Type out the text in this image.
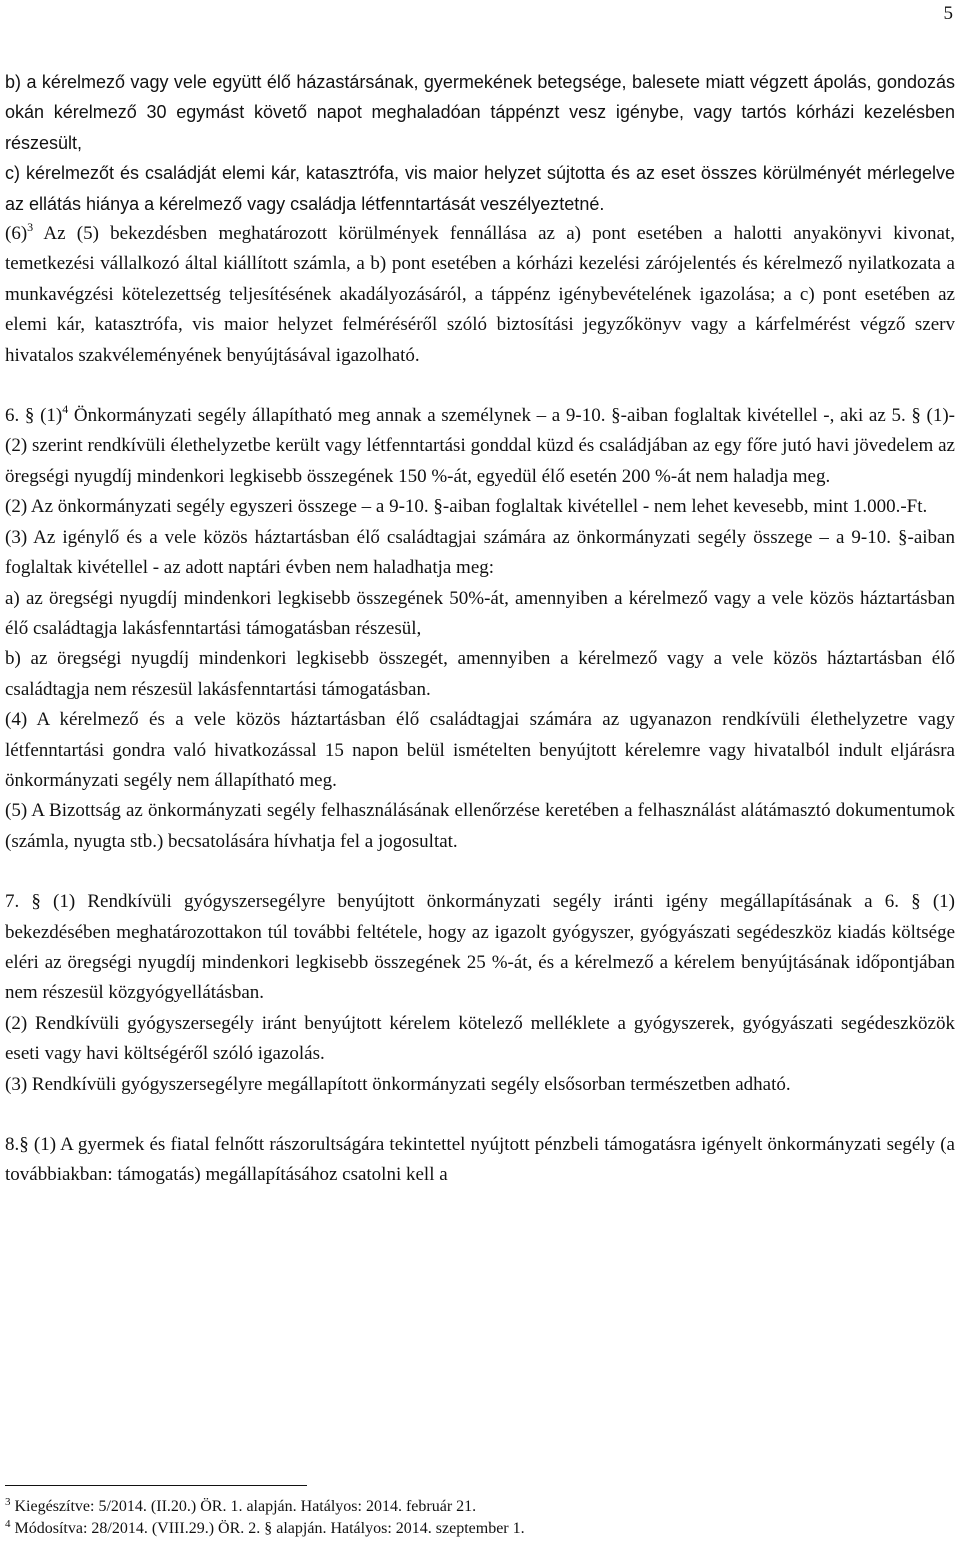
5

b) a kérelmező vagy vele együtt élő házastársának, gyermekének betegsége, balesete miatt végzett ápolás, gondozás okán kérelmező 30 egymást követő napot meghaladóan táppénzt vesz igénybe, vagy tartós kórházi kezelésben részesült,

c) kérelmezőt és családját elemi kár, katasztrófa, vis maior helyzet sújtotta és az eset összes körülményét mérlegelve az ellátás hiánya a kérelmező vagy családja létfenntartását veszélyeztetné.

$(6)^3$ Az (5) bekezdésben meghatározott körülmények fennállása az a) pont esetében a halotti anyakönyvi kivonat, temetkezési vállalkozó által kiállított számla, a b) pont esetében a kórházi kezelési zárójelentés és kérelmező nyilatkozata a munkavégzési kötelezettség teljesítésének akadályozásáról, a táppénz igénybevételének igazolása; a c) pont esetében az elemi kár, katasztrófa, vis maior helyzet felméréséről szóló biztosítási jegyzőkönyv vagy a kárfelmérést végző szerv hivatalos szakvéleményének benyújtásával igazolható.

6. § $(1)^4$ Önkormányzati segély állapítható meg annak a személynek – a 9-10. §-aiban foglaltak kivétellel -, aki az 5. § (1)-(2) szerint rendkívüli élethelyzetbe került vagy létfenntartási gonddal küzd és családjában az egy főre jutó havi jövedelem az öregségi nyugdíj mindenkori legkisebb összegének 150 %-át, egyedül élő esetén 200 %-át nem haladja meg.

(2) Az önkormányzati segély egyszeri összege – a 9-10. §-aiban foglaltak kivétellel - nem lehet kevesebb, mint 1.000.-Ft.

(3) Az igénylő és a vele közös háztartásban élő családtagjai számára az önkormányzati segély összege – a 9-10. §-aiban foglaltak kivétellel - az adott naptári évben nem haladhatja meg:

a) az öregségi nyugdíj mindenkori legkisebb összegének 50%-át, amennyiben a kérelmező vagy a vele közös háztartásban élő családtagja lakásfenntartási támogatásban részesül,

b) az öregségi nyugdíj mindenkori legkisebb összegét, amennyiben a kérelmező vagy a vele közös háztartásban élő családtagja nem részesül lakásfenntartási támogatásban.

(4) A kérelmező és a vele közös háztartásban élő családtagjai számára az ugyanazon rendkívüli élethelyzetre vagy létfenntartási gondra való hivatkozással 15 napon belül ismételten benyújtott kérelemre vagy hivatalból indult eljárásra önkormányzati segély nem állapítható meg.

(5) A Bizottság az önkormányzati segély felhasználásának ellenőrzése keretében a felhasználást alátámasztó dokumentumok (számla, nyugta stb.) becsatolására hívhatja fel a jogosultat.

7. § (1) Rendkívüli gyógyszersegélyre benyújtott önkormányzati segély iránti igény megállapításának a 6. § (1) bekezdésében meghatározottakon túl további feltétele, hogy az igazolt gyógyszer, gyógyászati segédeszköz kiadás költsége eléri az öregségi nyugdíj mindenkori legkisebb összegének 25 %-át, és a kérelmező a kérelem benyújtásának időpontjában nem részesül közgyógyellátásban.

(2) Rendkívüli gyógyszersegély iránt benyújtott kérelem kötelező melléklete a gyógyszerek, gyógyászati segédeszközök eseti vagy havi költségéről szóló igazolás.

(3) Rendkívüli gyógyszersegélyre megállapított önkormányzati segély elsősorban természetben adható.

8.§ (1) A gyermek és fiatal felnőtt rászorultságára tekintettel nyújtott pénzbeli támogatásra igényelt önkormányzati segély (a továbbiakban: támogatás) megállapításához csatolni kell a

$^3$ Kiegészítve: 5/2014. (II.20.) ÖR. 1. alapján. Hatályos: 2014. február 21.

$^4$ Módosítva: 28/2014. (VIII.29.) ÖR. 2. § alapján. Hatályos: 2014. szeptember 1.
